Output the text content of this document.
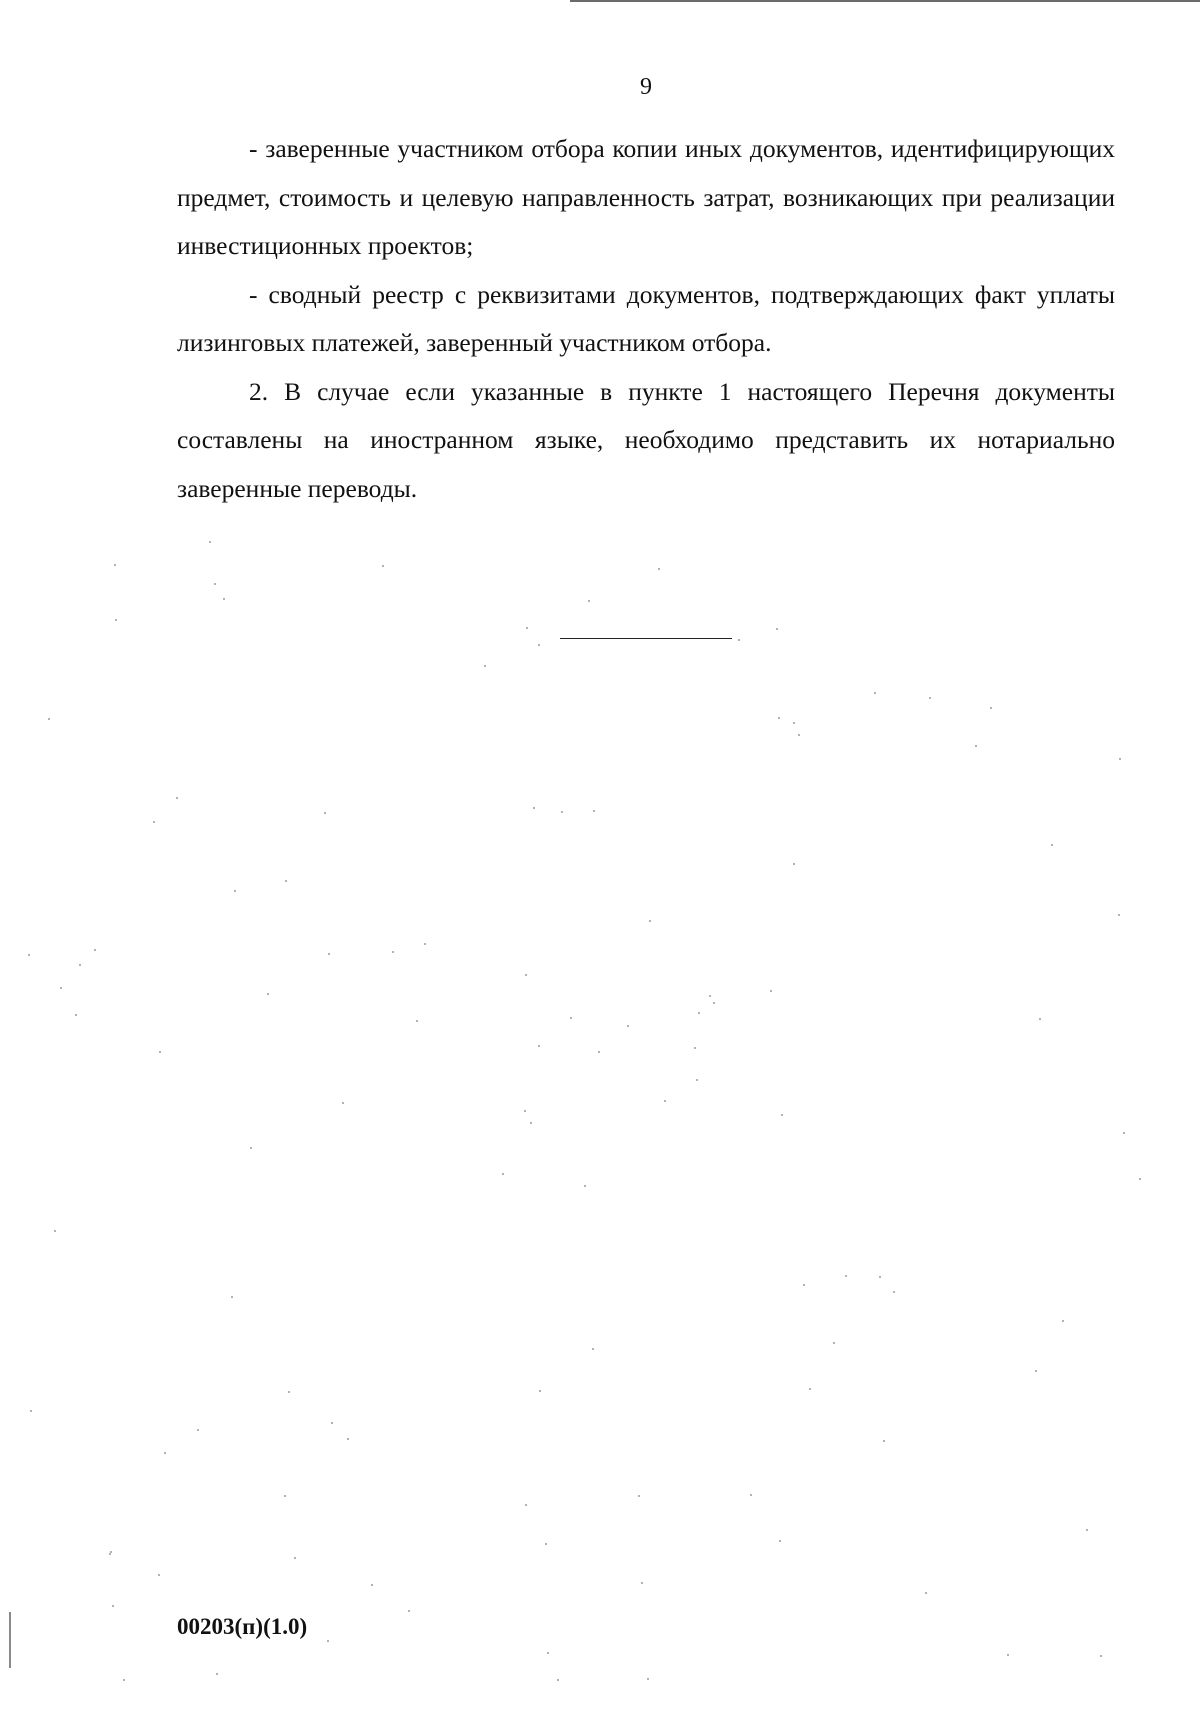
9

- заверенные участником отбора копии иных документов, идентифицирующих предмет, стоимость и целевую направленность затрат, возникающих при реализации инвестиционных проектов;

- сводный реестр с реквизитами документов, подтверждающих факт уплаты лизинговых платежей, заверенный участником отбора.

2. В случае если указанные в пункте 1 настоящего Перечня документы составлены на иностранном языке, необходимо представить их нотариально заверенные переводы.

00203(п)(1.0)
